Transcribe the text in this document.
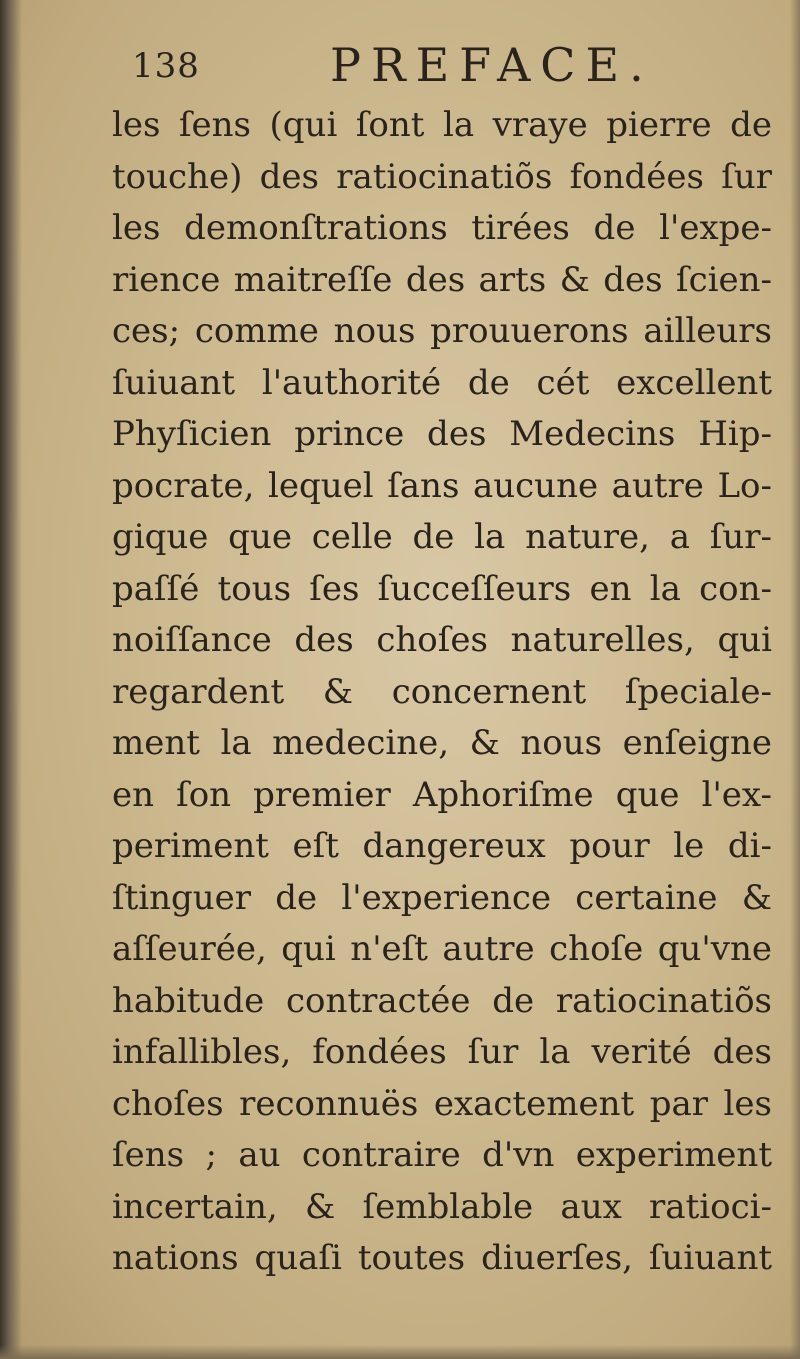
138	PREFACE.
les ſens (qui ſont la vraye pierre de
touche) des ratiocinatiõs fondées ſur
les demonſtrations tirées de l'expe-
rience maitreſſe des arts & des ſcien-
ces; comme nous prouuerons ailleurs
ſuiuant l'authorité de cét excellent
Phyſicien prince des Medecins Hip-
pocrate, lequel ſans aucune autre Lo-
gique que celle de la nature, a ſur-
paſſé tous ſes ſucceſſeurs en la con-
noiſſance des choſes naturelles, qui
regardent & concernent ſpeciale-
ment la medecine, & nous enſeigne
en ſon premier Aphoriſme que l'ex-
periment eſt dangereux pour le di-
ſtinguer de l'experience certaine &
aſſeurée, qui n'eſt autre choſe qu'vne
habitude contractée de ratiocinatiõs
infallibles, fondées ſur la verité des
choſes reconnuës exactement par les
ſens ; au contraire d'vn experiment
incertain, & ſemblable aux ratioci-
nations quaſi toutes diuerſes, ſuiuant
